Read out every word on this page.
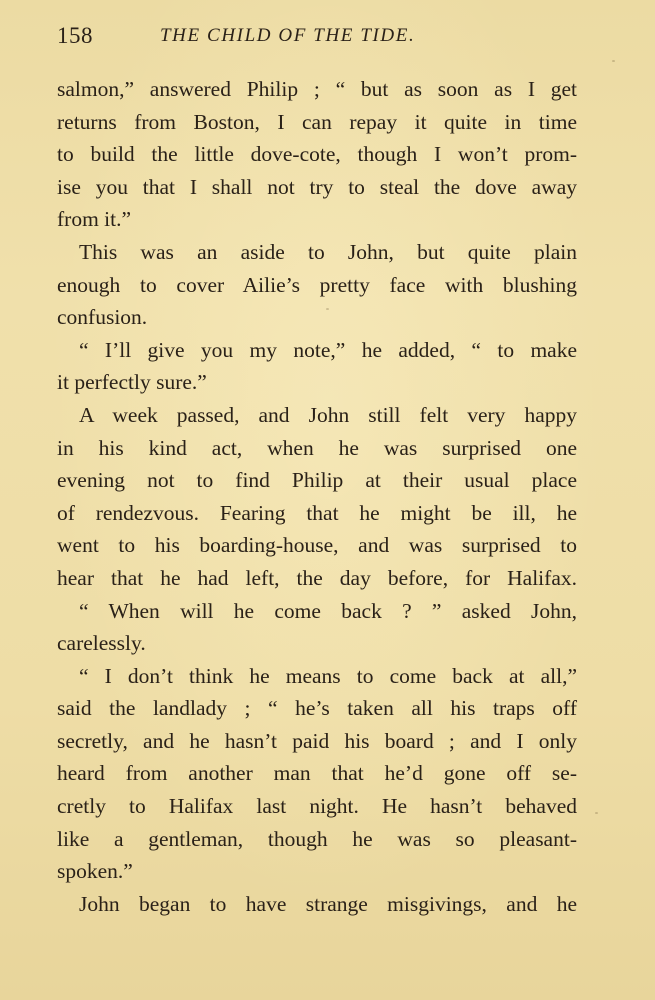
158	THE CHILD OF THE TIDE.
salmon,” answered Philip ; “ but as soon as I get
returns from Boston, I can repay it quite in time
to build the little dove-cote, though I won’t prom-
ise you that I shall not try to steal the dove away
from it.”
This was an aside to John, but quite plain
enough to cover Ailie’s pretty face with blushing
confusion.
“ I’ll give you my note,” he added, “ to make
it perfectly sure.”
A week passed, and John still felt very happy
in his kind act, when he was surprised one
evening not to find Philip at their usual place
of rendezvous. Fearing that he might be ill, he
went to his boarding-house, and was surprised to
hear that he had left, the day before, for Halifax.
“ When will he come back ? ” asked John,
carelessly.
“ I don’t think he means to come back at all,”
said the landlady ; “ he’s taken all his traps off
secretly, and he hasn’t paid his board ; and I only
heard from another man that he’d gone off se-
cretly to Halifax last night. He hasn’t behaved
like a gentleman, though he was so pleasant-
spoken.”
John began to have strange misgivings, and he
